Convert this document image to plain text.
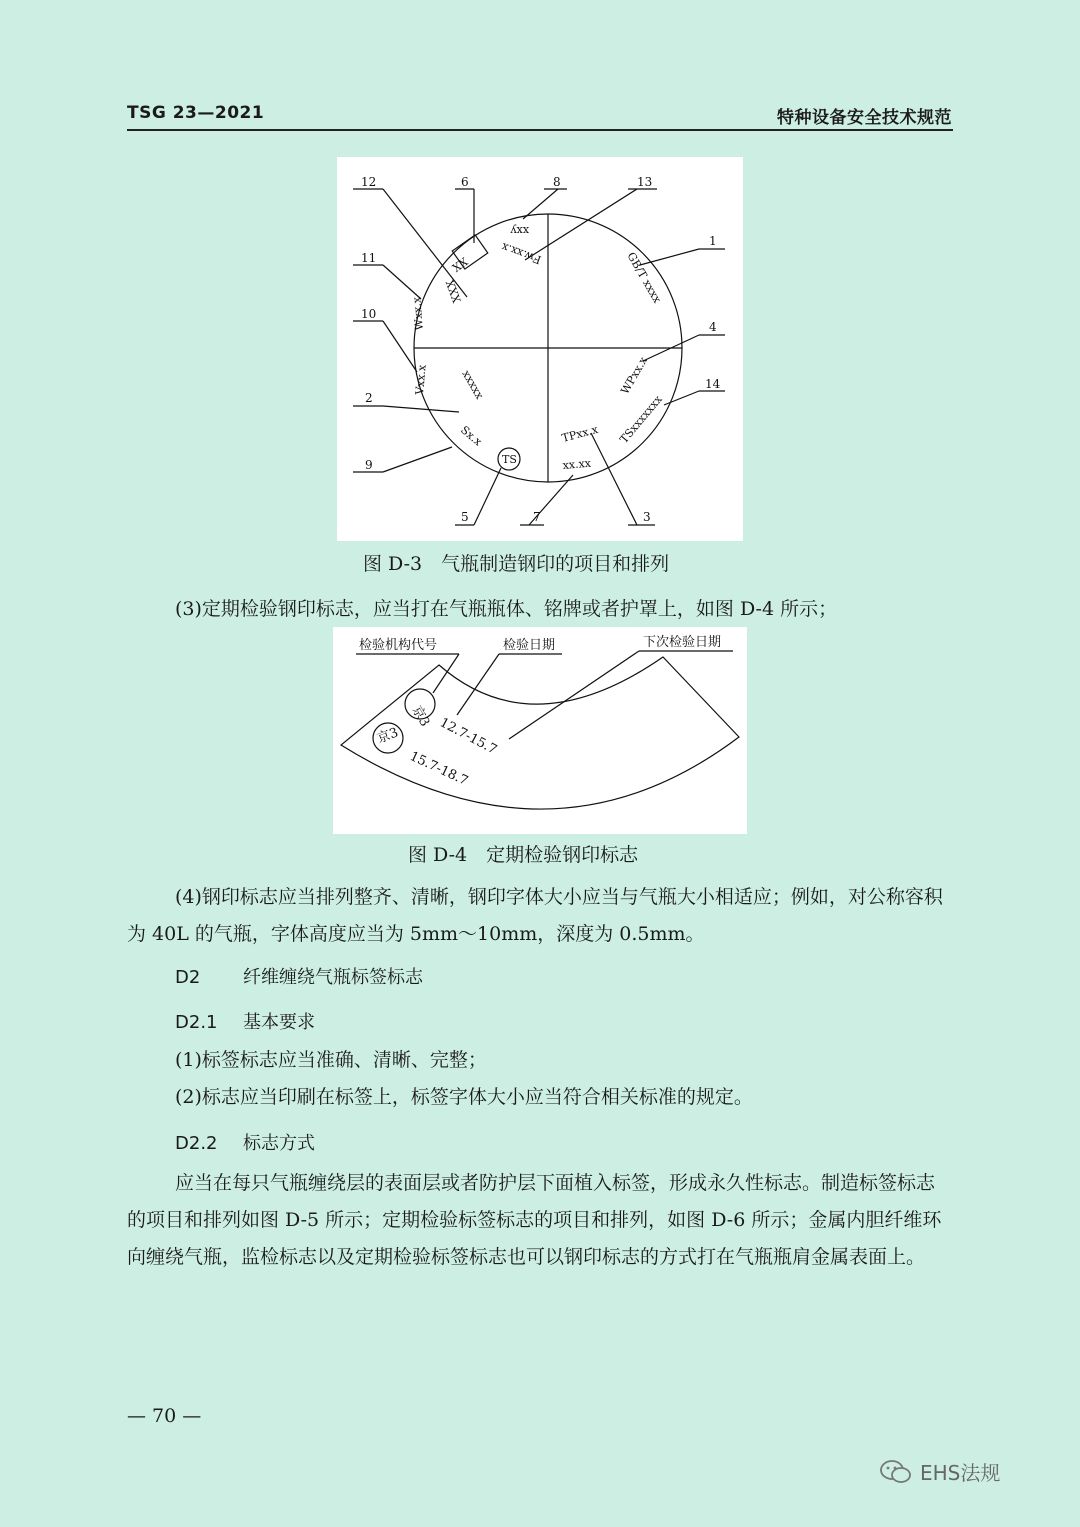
TSG 23—2021	特种设备安全技术规范
12	6	8	13
1
11
4
10
14
2
9
5	7	3
XX
xxy
Fw.xx.x
XXX	GB/T xxxx
Wxx.x
Vxx.x	xxxxx	WPxx.x
TSxxxxxxx
Sx.x
TS
TPxx.x
xx.xx
图 D-3　气瓶制造钢印的项目和排列
(3)定期检验钢印标志，应当打在气瓶瓶体、铭牌或者护罩上，如图 D-4 所示；
检验机构代号	检验日期	下次检验日期
京3 12.7-15.7
京3
15.7-18.7
图 D-4　定期检验钢印标志
(4)钢印标志应当排列整齐、清晰，钢印字体大小应当与气瓶大小相适应；例如，对公称容积为 40L 的气瓶，字体高度应当为 5mm～10mm，深度为 0.5mm。
D2 纤维缠绕气瓶标签标志
D2.1 基本要求
(1)标签标志应当准确、清晰、完整；
(2)标志应当印刷在标签上，标签字体大小应当符合相关标准的规定。
D2.2 标志方式
应当在每只气瓶缠绕层的表面层或者防护层下面植入标签，形成永久性标志。制造标签标志的项目和排列如图 D-5 所示；定期检验标签标志的项目和排列，如图 D-6 所示；金属内胆纤维环向缠绕气瓶，监检标志以及定期检验标签标志也可以钢印标志的方式打在气瓶瓶肩金属表面上。
— 70 —
EHS法规
